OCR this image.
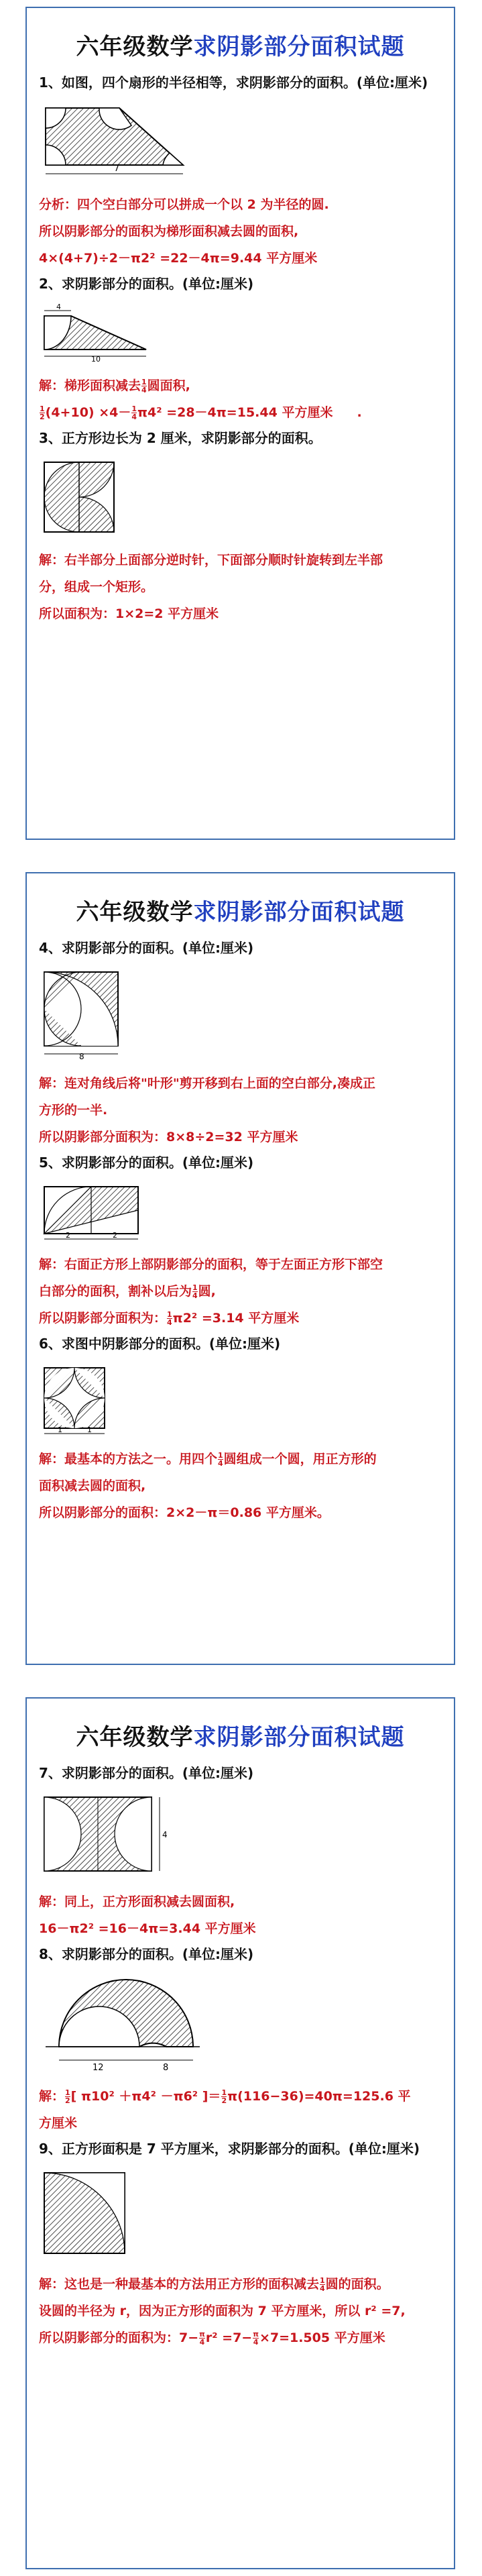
六年级数学求阴影部分面积试题

1、如图，四个扇形的半径相等，求阴影部分的面积。(单位:厘米)

7

分析：四个空白部分可以拼成一个以 2 为半径的圆.

所以阴影部分的面积为梯形面积减去圆的面积,

4×(4+7)÷2－π2² =22－4π=9.44 平方厘米

2、求阴影部分的面积。(单位:厘米)

4
10

解：梯形面积减去 $\frac{1}{4}$ 圆面积,

$\frac{1}{2} (4+10) \times 4- \frac{1}{4} \pi 4^2 =28-4\pi=15.44$ 平方厘米 .

3、正方形边长为 2 厘米，求阴影部分的面积。

解：右半部分上面部分逆时针，下面部分顺时针旋转到左半部

分，组成一个矩形。

所以面积为：1×2=2 平方厘米

六年级数学求阴影部分面积试题

4、求阴影部分的面积。(单位:厘米)

8

解：连对角线后将"叶形"剪开移到右上面的空白部分,凑成正

方形的一半.

所以阴影部分面积为：8×8÷2=32 平方厘米

5、求阴影部分的面积。(单位:厘米)

2	2

解：右面正方形上部阴影部分的面积，等于左面正方形下部空

白部分的面积，割补以后为 $\frac{1}{4}$ 圆,

所以阴影部分面积为： $\frac{1}{4} \pi 2^2 =3.14$ 平方厘米

6、求图中阴影部分的面积。(单位:厘米)

1	1

解：最基本的方法之一。用四个 $\frac{1}{4}$ 圆组成一个圆，用正方形的

面积减去圆的面积,

所以阴影部分的面积：2×2－π＝0.86 平方厘米。

六年级数学求阴影部分面积试题

7、求阴影部分的面积。(单位:厘米)

4

解：同上，正方形面积减去圆面积,

16－π2² =16－4π=3.44 平方厘米

8、求阴影部分的面积。(单位:厘米)

12	8

解： $\frac{1}{2}$ [ π10² ＋π4² －π6² ]＝ $\frac{1}{2} \pi(116-36)=40\pi=125.6$ 平

方厘米

9、正方形面积是 7 平方厘米，求阴影部分的面积。(单位:厘米)

解：这也是一种最基本的方法用正方形的面积减去 $\frac{1}{4}$ 圆的面积。

设圆的半径为 r，因为正方形的面积为 7 平方厘米，所以 r² =7,

所以阴影部分的面积为：$7- \frac{\pi}{4} r^2 =7- \frac{\pi}{4} \times 7=1.505$ 平方厘米
